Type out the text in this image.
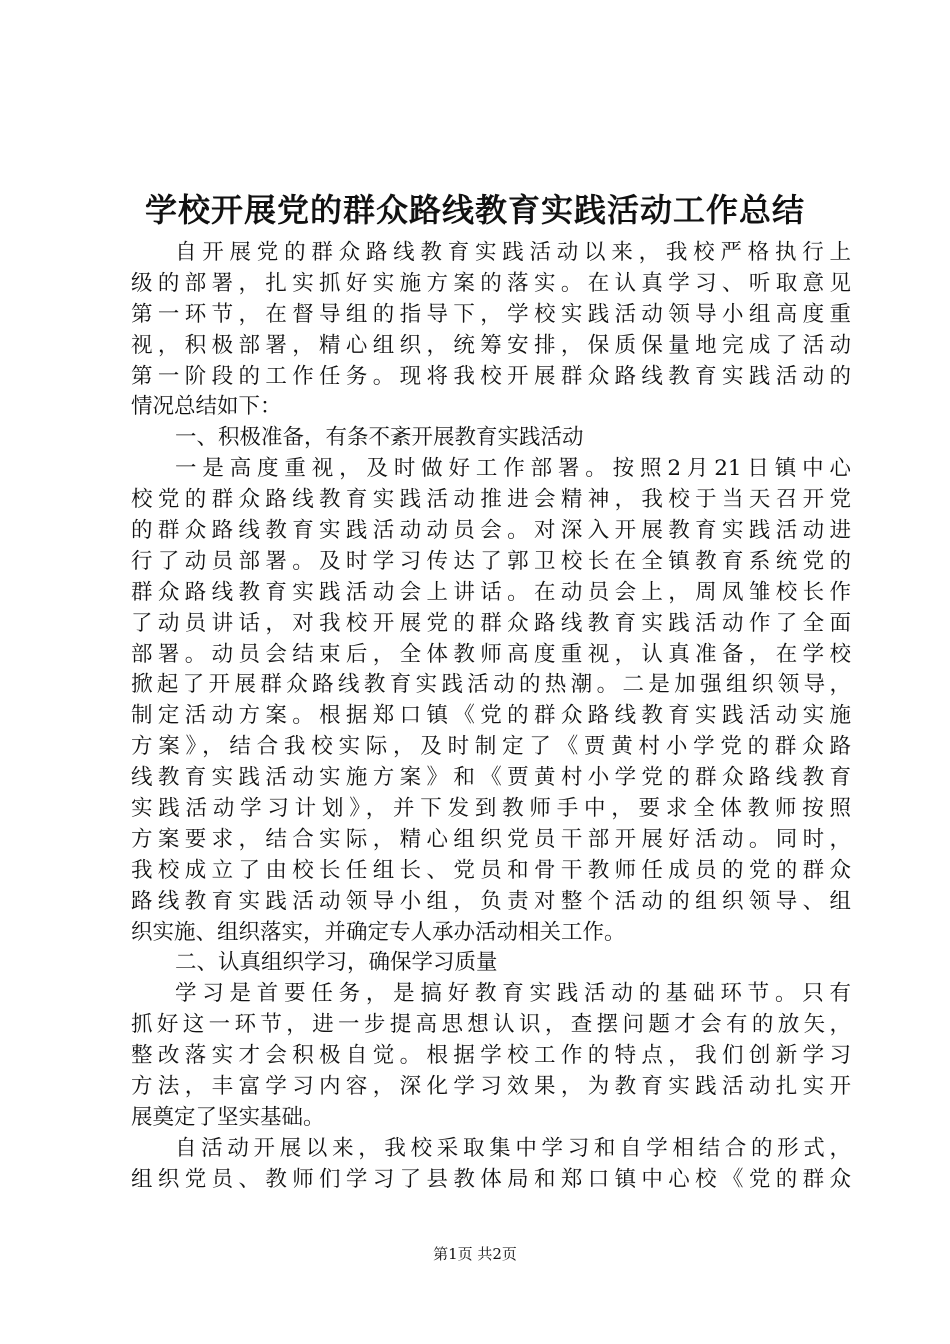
学校开展党的群众路线教育实践活动工作总结
自开展党的群众路线教育实践活动以来，我校严格执行上
级的部署，扎实抓好实施方案的落实。在认真学习、听取意见
第一环节，在督导组的指导下，学校实践活动领导小组高度重
视，积极部署，精心组织，统筹安排，保质保量地完成了活动
第一阶段的工作任务。现将我校开展群众路线教育实践活动的
情况总结如下：
一、积极准备，有条不紊开展教育实践活动
一是高度重视，及时做好工作部署。按照2月21日镇中心
校党的群众路线教育实践活动推进会精神，我校于当天召开党
的群众路线教育实践活动动员会。对深入开展教育实践活动进
行了动员部署。及时学习传达了郭卫校长在全镇教育系统党的
群众路线教育实践活动会上讲话。在动员会上，周凤雏校长作
了动员讲话，对我校开展党的群众路线教育实践活动作了全面
部署。动员会结束后，全体教师高度重视，认真准备，在学校
掀起了开展群众路线教育实践活动的热潮。二是加强组织领导，
制定活动方案。根据郑口镇《党的群众路线教育实践活动实施
方案》，结合我校实际，及时制定了《贾黄村小学党的群众路
线教育实践活动实施方案》和《贾黄村小学党的群众路线教育
实践活动学习计划》，并下发到教师手中，要求全体教师按照
方案要求，结合实际，精心组织党员干部开展好活动。同时，
我校成立了由校长任组长、党员和骨干教师任成员的党的群众
路线教育实践活动领导小组，负责对整个活动的组织领导、组
织实施、组织落实，并确定专人承办活动相关工作。
二、认真组织学习，确保学习质量
学习是首要任务，是搞好教育实践活动的基础环节。只有
抓好这一环节，进一步提高思想认识，查摆问题才会有的放矢，
整改落实才会积极自觉。根据学校工作的特点，我们创新学习
方法，丰富学习内容，深化学习效果，为教育实践活动扎实开
展奠定了坚实基础。
自活动开展以来，我校采取集中学习和自学相结合的形式，
组织党员、教师们学习了县教体局和郑口镇中心校《党的群众
第1页 共2页
